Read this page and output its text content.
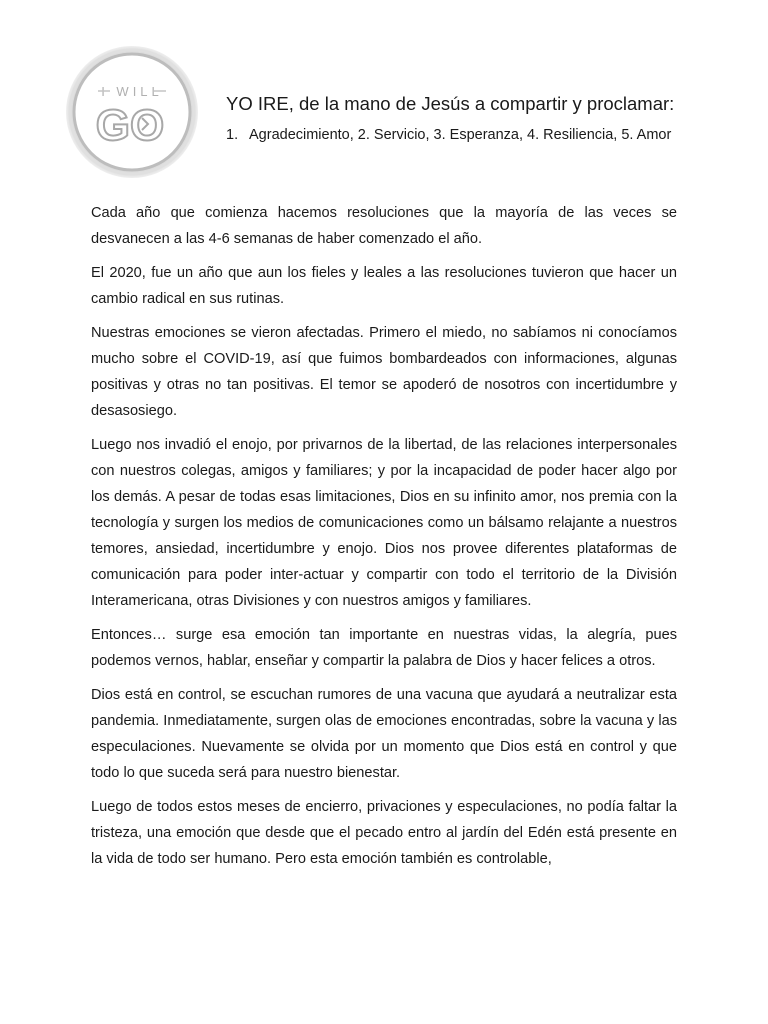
I WILL
GO	YO IRE, de la mano de Jesús a compartir y proclamar:
1. Agradecimiento, 2. Servicio, 3. Esperanza, 4. Resiliencia, 5. Amor

Cada año que comienza hacemos resoluciones que la mayoría de las veces se desvanecen a las 4-6 semanas de haber comenzado el año.

El 2020, fue un año que aun los fieles y leales a las resoluciones tuvieron que hacer un cambio radical en sus rutinas.

Nuestras emociones se vieron afectadas. Primero el miedo, no sabíamos ni conocíamos mucho sobre el COVID-19, así que fuimos bombardeados con informaciones, algunas positivas y otras no tan positivas. El temor se apoderó de nosotros con incertidumbre y desasosiego.

Luego nos invadió el enojo, por privarnos de la libertad, de las relaciones interpersonales con nuestros colegas, amigos y familiares; y por la incapacidad de poder hacer algo por los demás. A pesar de todas esas limitaciones, Dios en su infinito amor, nos premia con la tecnología y surgen los medios de comunicaciones como un bálsamo relajante a nuestros temores, ansiedad, incertidumbre y enojo. Dios nos provee diferentes plataformas de comunicación para poder inter-actuar y compartir con todo el territorio de la División Interamericana, otras Divisiones y con nuestros amigos y familiares.

Entonces… surge esa emoción tan importante en nuestras vidas, la alegría, pues podemos vernos, hablar, enseñar y compartir la palabra de Dios y hacer felices a otros.

Dios está en control, se escuchan rumores de una vacuna que ayudará a neutralizar esta pandemia. Inmediatamente, surgen olas de emociones encontradas, sobre la vacuna y las especulaciones. Nuevamente se olvida por un momento que Dios está en control y que todo lo que suceda será para nuestro bienestar.

Luego de todos estos meses de encierro, privaciones y especulaciones, no podía faltar la tristeza, una emoción que desde que el pecado entro al jardín del Edén está presente en la vida de todo ser humano. Pero esta emoción también es controlable,
